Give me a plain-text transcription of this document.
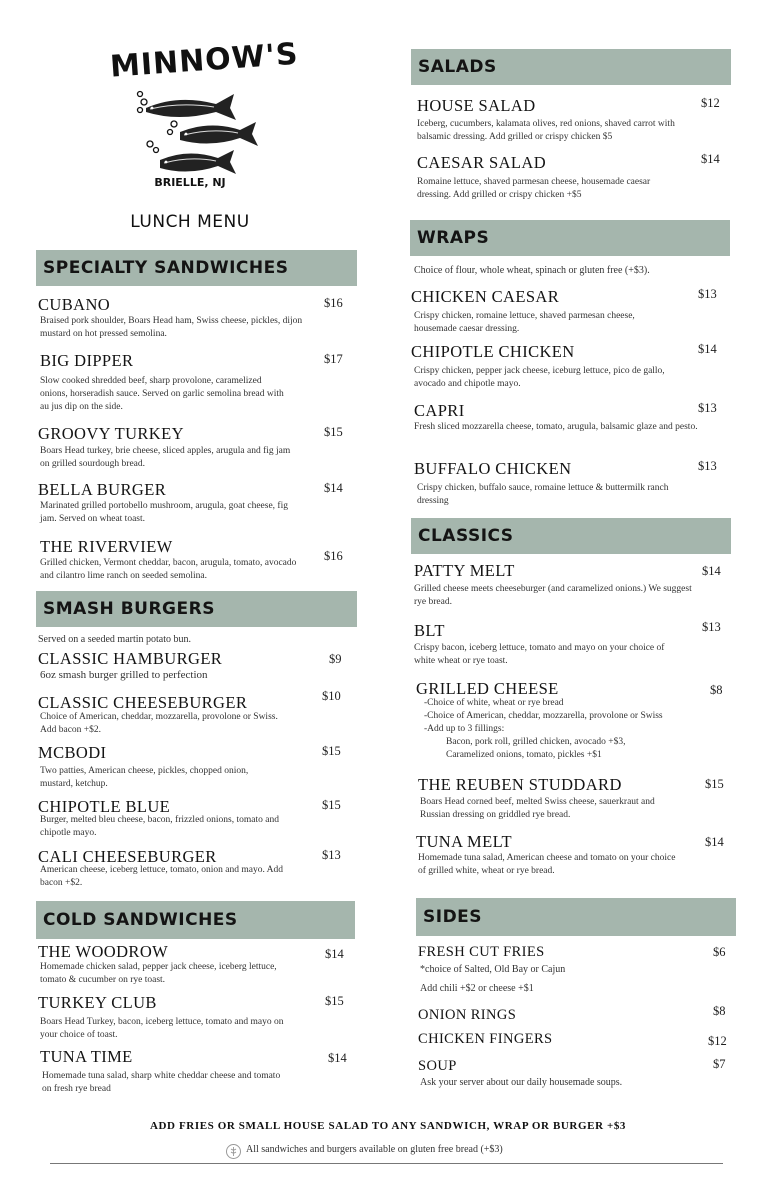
MINNOW'S
BRIELLE, NJ
LUNCH MENU
SPECIALTY SANDWICHES
CUBANO	$16
Braised pork shoulder, Boars Head ham, Swiss cheese, pickles, dijon mustard on hot pressed semolina.
BIG DIPPER	$17
Slow cooked shredded beef, sharp provolone, caramelized onions, horseradish sauce. Served on garlic semolina bread with au jus dip on the side.
GROOVY TURKEY	$15
Boars Head turkey, brie cheese, sliced apples, arugula and fig jam on grilled sourdough bread.
BELLA BURGER	$14
Marinated grilled portobello mushroom, arugula, goat cheese, fig jam. Served on wheat toast.
THE RIVERVIEW	$16
Grilled chicken, Vermont cheddar, bacon, arugula, tomato, avocado and cilantro lime ranch on seeded semolina.
SMASH BURGERS
Served on a seeded martin potato bun.
CLASSIC HAMBURGER	$9
6oz smash burger grilled to perfection
CLASSIC CHEESEBURGER	$10
Choice of American, cheddar, mozzarella, provolone or Swiss. Add bacon +$2.
MCBODI	$15
Two patties, American cheese, pickles, chopped onion, mustard, ketchup.
CHIPOTLE BLUE	$15
Burger, melted bleu cheese, bacon, frizzled onions, tomato and chipotle mayo.
CALI CHEESEBURGER	$13
American cheese, iceberg lettuce, tomato, onion and mayo. Add bacon +$2.
COLD SANDWICHES
THE WOODROW	$14
Homemade chicken salad, pepper jack cheese, iceberg lettuce, tomato & cucumber on rye toast.
TURKEY CLUB	$15
Boars Head Turkey, bacon, iceberg lettuce, tomato and mayo on your choice of toast.
TUNA TIME	$14
Homemade tuna salad, sharp white cheddar cheese and tomato on fresh rye bread
SALADS
HOUSE SALAD	$12
Iceberg, cucumbers, kalamata olives, red onions, shaved carrot with balsamic dressing. Add grilled or crispy chicken $5
CAESAR SALAD	$14
Romaine lettuce, shaved parmesan cheese, housemade caesar dressing. Add grilled or crispy chicken +$5
WRAPS
Choice of flour, whole wheat, spinach or gluten free (+$3).
CHICKEN CAESAR	$13
Crispy chicken, romaine lettuce, shaved parmesan cheese, housemade caesar dressing.
CHIPOTLE CHICKEN	$14
Crispy chicken, pepper jack cheese, iceburg lettuce, pico de gallo, avocado and chipotle mayo.
CAPRI	$13
Fresh sliced mozzarella cheese, tomato, arugula, balsamic glaze and pesto.
BUFFALO CHICKEN	$13
Crispy chicken, buffalo sauce, romaine lettuce & buttermilk ranch dressing
CLASSICS
PATTY MELT	$14
Grilled cheese meets cheeseburger (and caramelized onions.) We suggest rye bread.
BLT	$13
Crispy bacon, iceberg lettuce, tomato and mayo on your choice of white wheat or rye toast.
GRILLED CHEESE	$8
-Choice of white, wheat or rye bread
-Choice of American, cheddar, mozzarella, provolone or Swiss
-Add up to 3 fillings:
Bacon, pork roll, grilled chicken, avocado +$3,
Caramelized onions, tomato, pickles +$1
THE REUBEN STUDDARD	$15
Boars Head corned beef, melted Swiss cheese, sauerkraut and Russian dressing on griddled rye bread.
TUNA MELT	$14
Homemade tuna salad, American cheese and tomato on your choice of grilled white, wheat or rye bread.
SIDES
FRESH CUT FRIES	$6
*choice of Salted, Old Bay or Cajun
Add chili +$2 or cheese +$1
ONION RINGS	$8
CHICKEN FINGERS	$12
SOUP	$7
Ask your server about our daily housemade soups.
ADD FRIES OR SMALL HOUSE SALAD TO ANY SANDWICH, WRAP OR BURGER +$3
All sandwiches and burgers available on gluten free bread (+$3)
